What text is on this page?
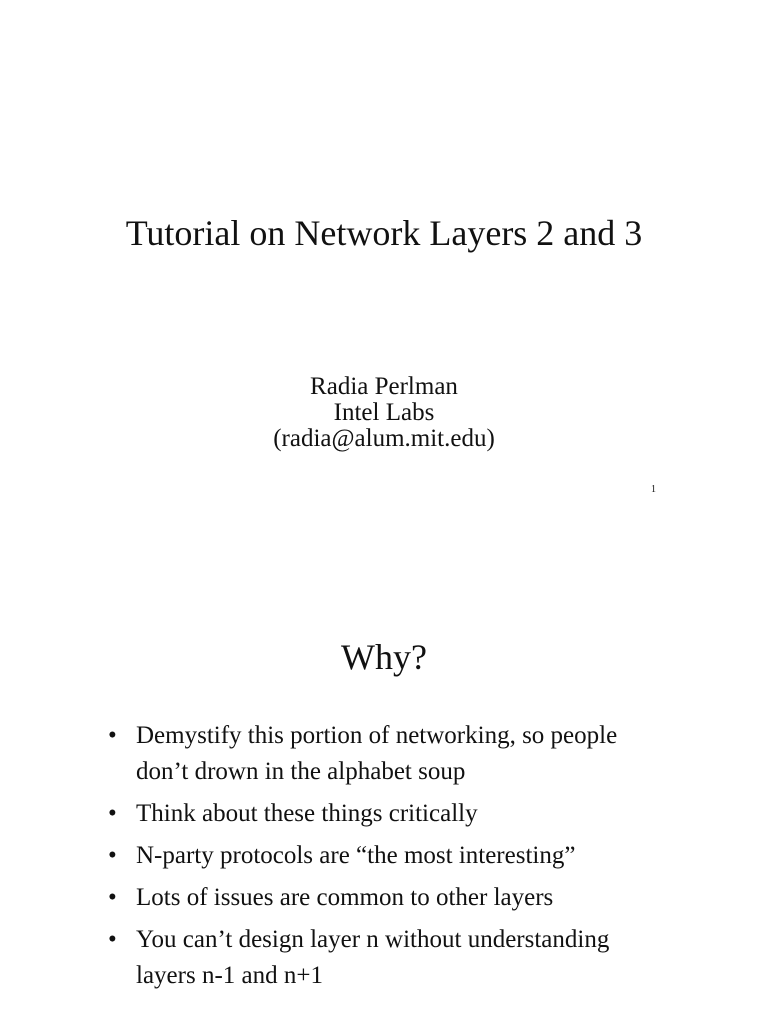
Tutorial on Network Layers 2 and 3
Radia Perlman
Intel Labs
(radia@alum.mit.edu)
1
Why?
• Demystify this portion of networking, so people don’t drown in the alphabet soup
• Think about these things critically
• N-party protocols are “the most interesting”
• Lots of issues are common to other layers
• You can’t design layer n without understanding layers n-1 and n+1
